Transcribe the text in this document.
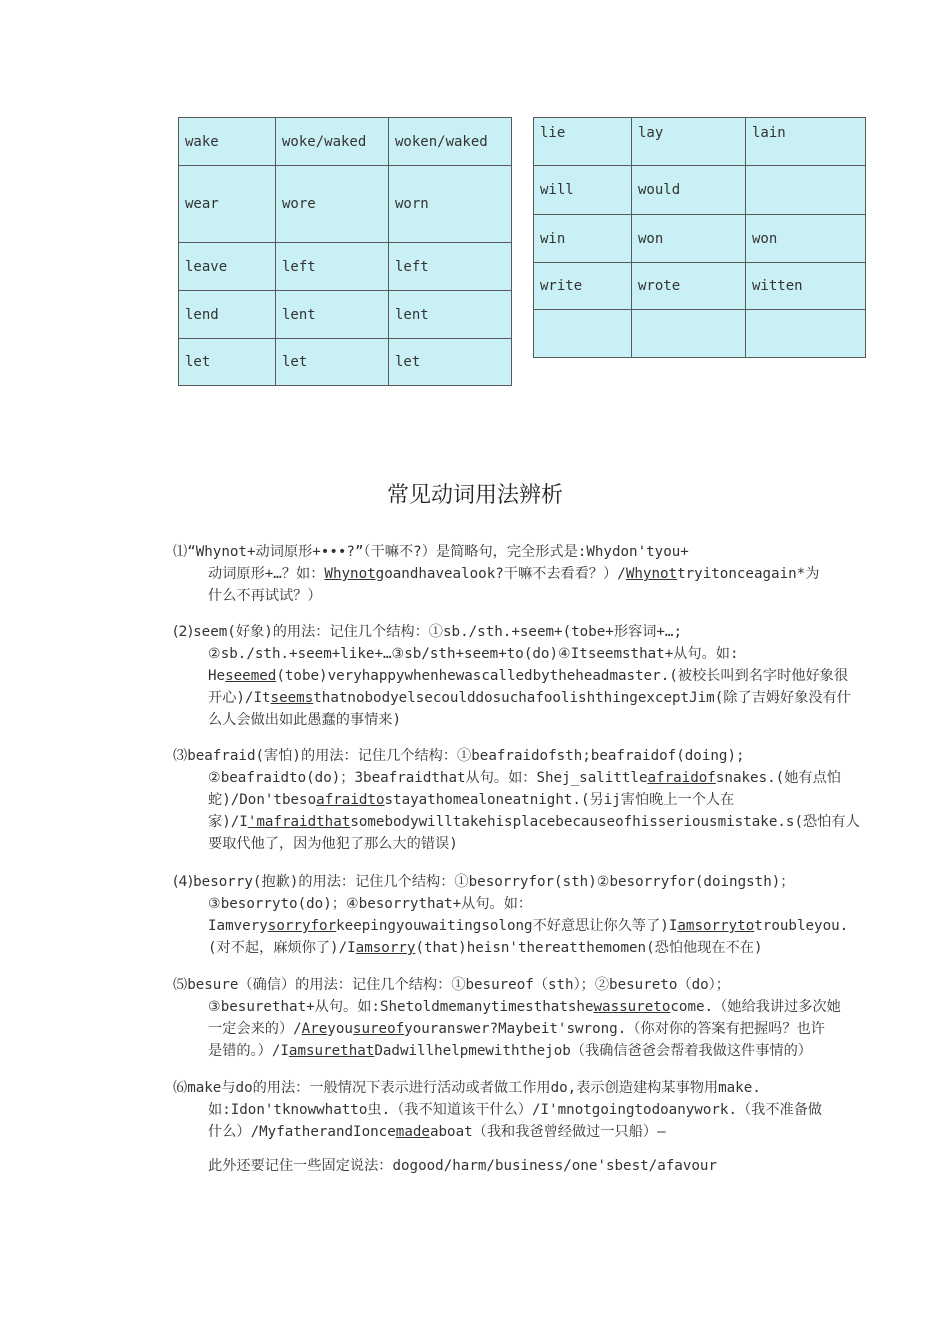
wake	woke/waked	woken/waked
wear	wore	worn
leave	left	left
lend	lent	lent
let	let	let
lie	lay	lain
will	would	
win	won	won
write	wrote	witten

常见动词用法辨析
⑴“Whynot+动词原形+•••?”（干嘛不?）是简略句，完全形式是:Whydon'tyou+
动词原形+…？如：Whynotgoandhavealook?干嘛不去看看？）/Whynottryitonceagain*为
什么不再试试？）
(2)seem(好象)的用法：记住几个结构：①sb./sth.+seem+(tobe+形容词+…;
②sb./sth.+seem+like+…③sb/sth+seem+to(do)④Itseemsthat+从句。如:
Heseemed(tobe)veryhappywhenhewascalledbytheheadmaster.(被校长叫到名字时他好象很
开心)/ItseemsthatnobodyelsecoulddosuchafoolishthingexceptJim(除了吉姆好象没有什
么人会做出如此愚蠢的事情来)
⑶beafraid(害怕)的用法：记住几个结构：①beafraidofsth;beafraidof(doing);
②beafraidto(do)；3beafraidthat从句。如：Shej_salittleafraidofsnakes.(她有点怕
蛇)/Don'tbesoafraidtostayathomealoneatnight.(另ij害怕晚上一个人在
家)/I'mafraidthatsomebodywilltakehisplacebecauseofhisseriousmistake.s(恐怕有人
要取代他了，因为他犯了那么大的错误)
(4)besorry(抱歉)的用法：记住几个结构：①besorryfor(sth)②besorryfor(doingsth)；
③besorryto(do)；④besorrythat+从句。如：
Iamverysorryforkeepingyouwaitingsolong不好意思让你久等了)Iamsorrytotroubleyou.
(对不起，麻烦你了)/Iamsorry(that)heisn'thereatthemomen(恐怕他现在不在)
⑸besure（确信）的用法：记住几个结构：①besureof（sth）；②besureto（do）；
③besurethat+从句。如:Shetoldmemanytimesthatshewassuretocome.（她给我讲过多次她
一定会来的）/Areyousureofyouranswer?Maybeit'swrong.（你对你的答案有把握吗？也许
是错的。）/IamsurethatDadwillhelpmewiththejob（我确信爸爸会帮着我做这件事情的）
⑹make与do的用法：一般情况下表示进行活动或者做工作用do,表示创造建构某事物用make.
如:Idon'tknowwhatto虫.（我不知道该干什么）/I'mnotgoingtodoanywork.（我不准备做
什么）/MyfatherandIoncemadeaboat（我和我爸曾经做过一只船）—
此外还要记住一些固定说法：dogood/harm/business/one'sbest/afavour
